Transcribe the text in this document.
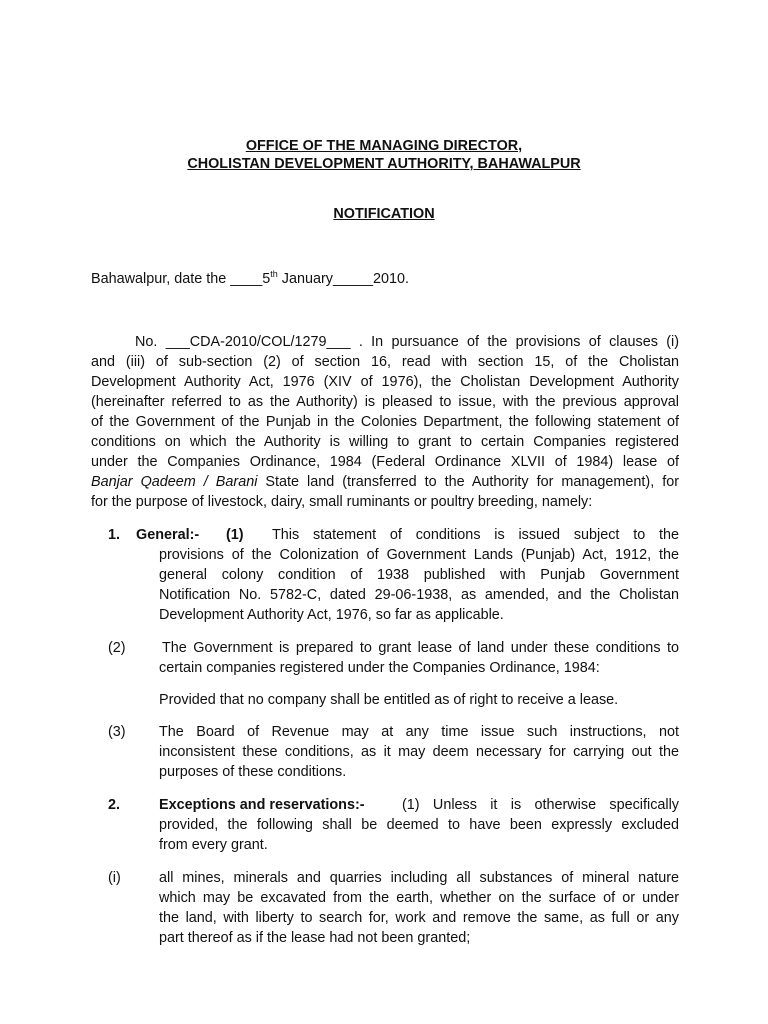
OFFICE OF THE MANAGING DIRECTOR,
CHOLISTAN DEVELOPMENT AUTHORITY, BAHAWALPUR
NOTIFICATION
Bahawalpur, date the ____5th January_____2010.
No. ___CDA-2010/COL/1279___ . In pursuance of the provisions of clauses (i)
and (iii) of sub-section (2) of section 16, read with section 15, of the Cholistan
Development Authority Act, 1976 (XIV of 1976), the Cholistan Development Authority
(hereinafter referred to as the Authority) is pleased to issue, with the previous approval
of the Government of the Punjab in the Colonies Department, the following statement of
conditions on which the Authority is willing to grant to certain Companies registered
under the Companies Ordinance, 1984 (Federal Ordinance XLVII of 1984) lease of
Banjar Qadeem / Barani State land (transferred to the Authority for management), for
for the purpose of livestock, dairy, small ruminants or poultry breeding, namely:
1. General:-	(1)	This statement of conditions is issued subject to the
provisions of the Colonization of Government Lands (Punjab) Act, 1912, the
general colony condition of 1938 published with Punjab Government
Notification No. 5782-C, dated 29-06-1938, as amended, and the Cholistan
Development Authority Act, 1976, so far as applicable.
(2)	The Government is prepared to grant lease of land under these conditions to
certain companies registered under the Companies Ordinance, 1984:
Provided that no company shall be entitled as of right to receive a lease.
(3) The Board of Revenue may at any time issue such instructions, not
inconsistent these conditions, as it may deem necessary for carrying out the
purposes of these conditions.
2.	Exceptions and reservations:-	(1) Unless it is otherwise specifically
provided, the following shall be deemed to have been expressly excluded
from every grant.
(i)	all mines, minerals and quarries including all substances of mineral nature
which may be excavated from the earth, whether on the surface of or under
the land, with liberty to search for, work and remove the same, as full or any
part thereof as if the lease had not been granted;
